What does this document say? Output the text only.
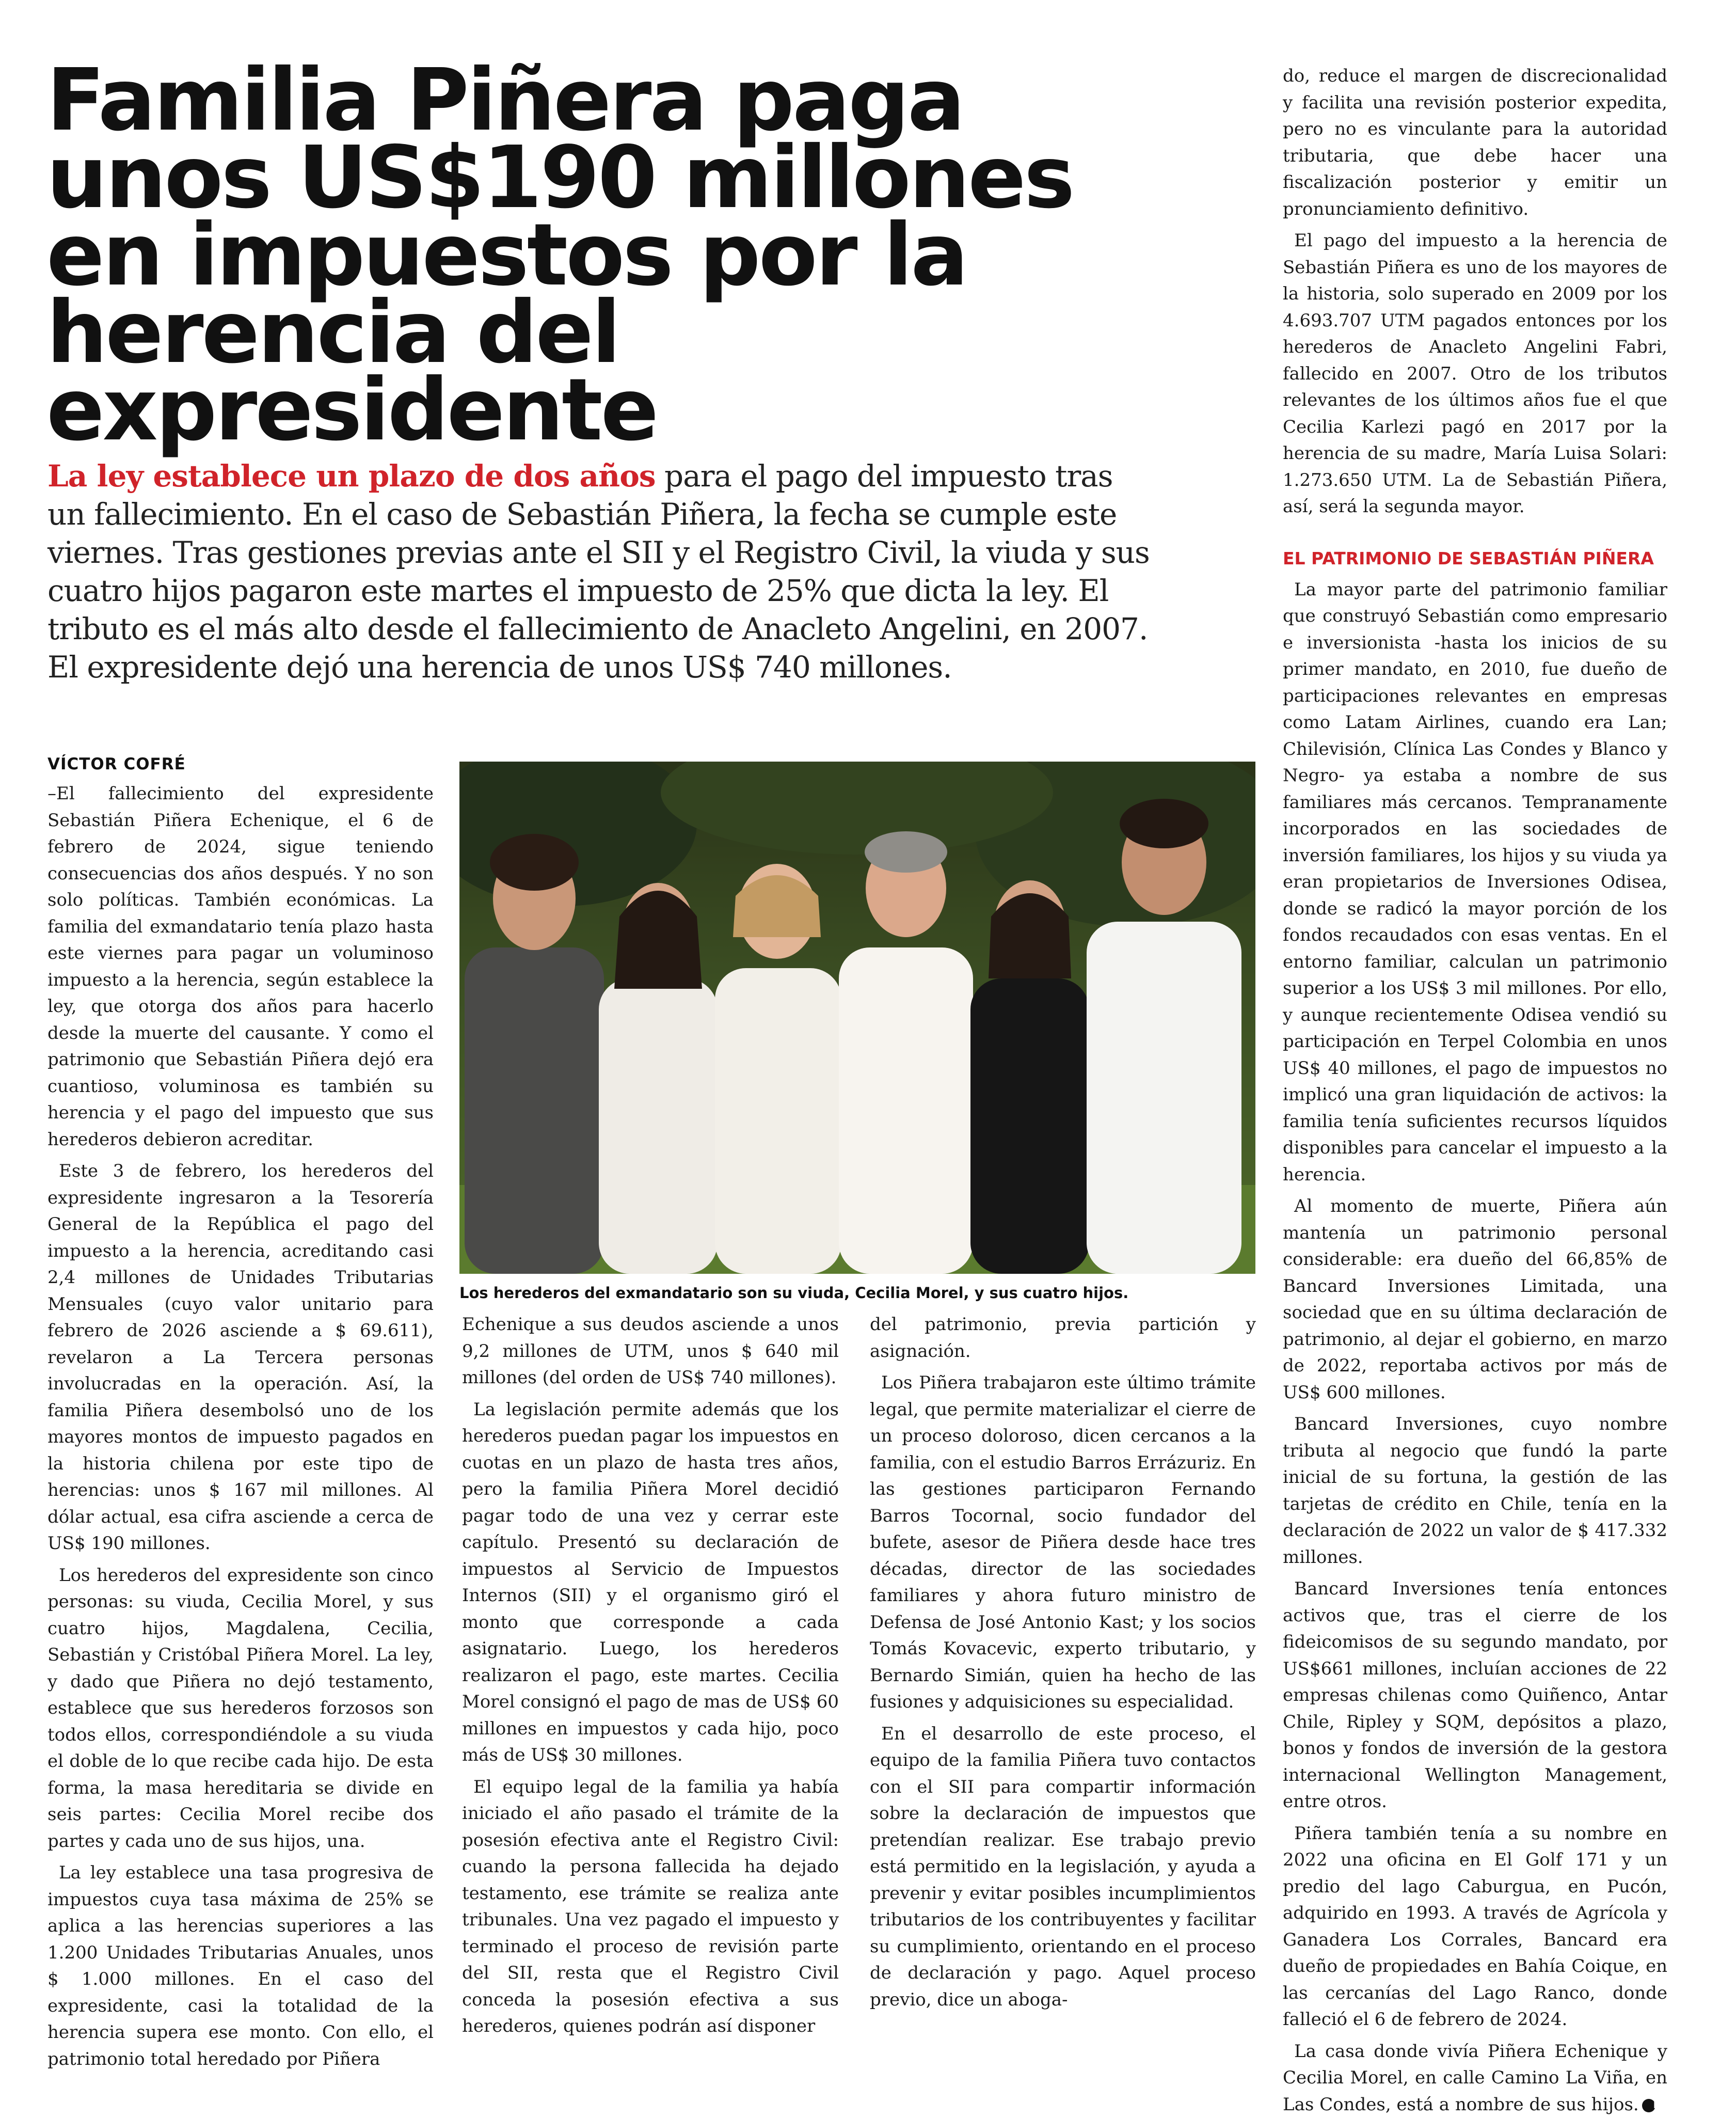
Familia Piñera paga unos US$190 millones en impuestos por la herencia del expresidente

La ley establece un plazo de dos años para el pago del impuesto tras un fallecimiento. En el caso de Sebastián Piñera, la fecha se cumple este viernes. Tras gestiones previas ante el SII y el Registro Civil, la viuda y sus cuatro hijos pagaron este martes el impuesto de 25% que dicta la ley. El tributo es el más alto desde el fallecimiento de Anacleto Angelini, en 2007. El expresidente dejó una herencia de unos US$ 740 millones.

VÍCTOR COFRÉ

–El fallecimiento del expresidente Sebastián Piñera Echenique, el 6 de febrero de 2024, sigue teniendo consecuencias dos años después. Y no son solo políticas. También económicas. La familia del exmandatario tenía plazo hasta este viernes para pagar un voluminoso impuesto a la herencia, según establece la ley, que otorga dos años para hacerlo desde la muerte del causante. Y como el patrimonio que Sebastián Piñera dejó era cuantioso, voluminosa es también su herencia y el pago del impuesto que sus herederos debieron acreditar.

Este 3 de febrero, los herederos del expresidente ingresaron a la Tesorería General de la República el pago del impuesto a la herencia, acreditando casi 2,4 millones de Unidades Tributarias Mensuales (cuyo valor unitario para febrero de 2026 asciende a $ 69.611), revelaron a La Tercera personas involucradas en la operación. Así, la familia Piñera desembolsó uno de los mayores montos de impuesto pagados en la historia chilena por este tipo de herencias: unos $ 167 mil millones. Al dólar actual, esa cifra asciende a cerca de US$ 190 millones.

Los herederos del expresidente son cinco personas: su viuda, Cecilia Morel, y sus cuatro hijos, Magdalena, Cecilia, Sebastián y Cristóbal Piñera Morel. La ley, y dado que Piñera no dejó testamento, establece que sus herederos forzosos son todos ellos, correspondiéndole a su viuda el doble de lo que recibe cada hijo. De esta forma, la masa hereditaria se divide en seis partes: Cecilia Morel recibe dos partes y cada uno de sus hijos, una.

La ley establece una tasa progresiva de impuestos cuya tasa máxima de 25% se aplica a las herencias superiores a las 1.200 Unidades Tributarias Anuales, unos $ 1.000 millones. En el caso del expresidente, casi la totalidad de la herencia supera ese monto. Con ello, el patrimonio total heredado por Piñera

Los herederos del exmandatario son su viuda, Cecilia Morel, y sus cuatro hijos.

Echenique a sus deudos asciende a unos 9,2 millones de UTM, unos $ 640 mil millones (del orden de US$ 740 millones).

La legislación permite además que los herederos puedan pagar los impuestos en cuotas en un plazo de hasta tres años, pero la familia Piñera Morel decidió pagar todo de una vez y cerrar este capítulo. Presentó su declaración de impuestos al Servicio de Impuestos Internos (SII) y el organismo giró el monto que corresponde a cada asignatario. Luego, los herederos realizaron el pago, este martes. Cecilia Morel consignó el pago de mas de US$ 60 millones en impuestos y cada hijo, poco más de US$ 30 millones.

El equipo legal de la familia ya había iniciado el año pasado el trámite de la posesión efectiva ante el Registro Civil: cuando la persona fallecida ha dejado testamento, ese trámite se realiza ante tribunales. Una vez pagado el impuesto y terminado el proceso de revisión parte del SII, resta que el Registro Civil conceda la posesión efectiva a sus herederos, quienes podrán así disponer

del patrimonio, previa partición y asignación.

Los Piñera trabajaron este último trámite legal, que permite materializar el cierre de un proceso doloroso, dicen cercanos a la familia, con el estudio Barros Errázuriz. En las gestiones participaron Fernando Barros Tocornal, socio fundador del bufete, asesor de Piñera desde hace tres décadas, director de las sociedades familiares y ahora futuro ministro de Defensa de José Antonio Kast; y los socios Tomás Kovacevic, experto tributario, y Bernardo Simián, quien ha hecho de las fusiones y adquisiciones su especialidad.

En el desarrollo de este proceso, el equipo de la familia Piñera tuvo contactos con el SII para compartir información sobre la declaración de impuestos que pretendían realizar. Ese trabajo previo está permitido en la legislación, y ayuda a prevenir y evitar posibles incumplimientos tributarios de los contribuyentes y facilitar su cumplimiento, orientando en el proceso de declaración y pago. Aquel proceso previo, dice un aboga-

do, reduce el margen de discrecionalidad y facilita una revisión posterior expedita, pero no es vinculante para la autoridad tributaria, que debe hacer una fiscalización posterior y emitir un pronunciamiento definitivo.

El pago del impuesto a la herencia de Sebastián Piñera es uno de los mayores de la historia, solo superado en 2009 por los 4.693.707 UTM pagados entonces por los herederos de Anacleto Angelini Fabri, fallecido en 2007. Otro de los tributos relevantes de los últimos años fue el que Cecilia Karlezi pagó en 2017 por la herencia de su madre, María Luisa Solari: 1.273.650 UTM. La de Sebastián Piñera, así, será la segunda mayor.

EL PATRIMONIO DE SEBASTIÁN PIÑERA

La mayor parte del patrimonio familiar que construyó Sebastián como empresario e inversionista -hasta los inicios de su primer mandato, en 2010, fue dueño de participaciones relevantes en empresas como Latam Airlines, cuando era Lan; Chilevisión, Clínica Las Condes y Blanco y Negro- ya estaba a nombre de sus familiares más cercanos. Tempranamente incorporados en las sociedades de inversión familiares, los hijos y su viuda ya eran propietarios de Inversiones Odisea, donde se radicó la mayor porción de los fondos recaudados con esas ventas. En el entorno familiar, calculan un patrimonio superior a los US$ 3 mil millones. Por ello, y aunque recientemente Odisea vendió su participación en Terpel Colombia en unos US$ 40 millones, el pago de impuestos no implicó una gran liquidación de activos: la familia tenía suficientes recursos líquidos disponibles para cancelar el impuesto a la herencia.

Al momento de muerte, Piñera aún mantenía un patrimonio personal considerable: era dueño del 66,85% de Bancard Inversiones Limitada, una sociedad que en su última declaración de patrimonio, al dejar el gobierno, en marzo de 2022, reportaba activos por más de US$ 600 millones.

Bancard Inversiones, cuyo nombre tributa al negocio que fundó la parte inicial de su fortuna, la gestión de las tarjetas de crédito en Chile, tenía en la declaración de 2022 un valor de $ 417.332 millones.

Bancard Inversiones tenía entonces activos que, tras el cierre de los fideicomisos de su segundo mandato, por US$661 millones, incluían acciones de 22 empresas chilenas como Quiñenco, Antar Chile, Ripley y SQM, depósitos a plazo, bonos y fondos de inversión de la gestora internacional Wellington Management, entre otros.

Piñera también tenía a su nombre en 2022 una oficina en El Golf 171 y un predio del lago Caburgua, en Pucón, adquirido en 1993. A través de Agrícola y Ganadera Los Corrales, Bancard era dueño de propiedades en Bahía Coique, en las cercanías del Lago Ranco, donde falleció el 6 de febrero de 2024.

La casa donde vivía Piñera Echenique y Cecilia Morel, en calle Camino La Viña, en Las Condes, está a nombre de sus hijos. P
